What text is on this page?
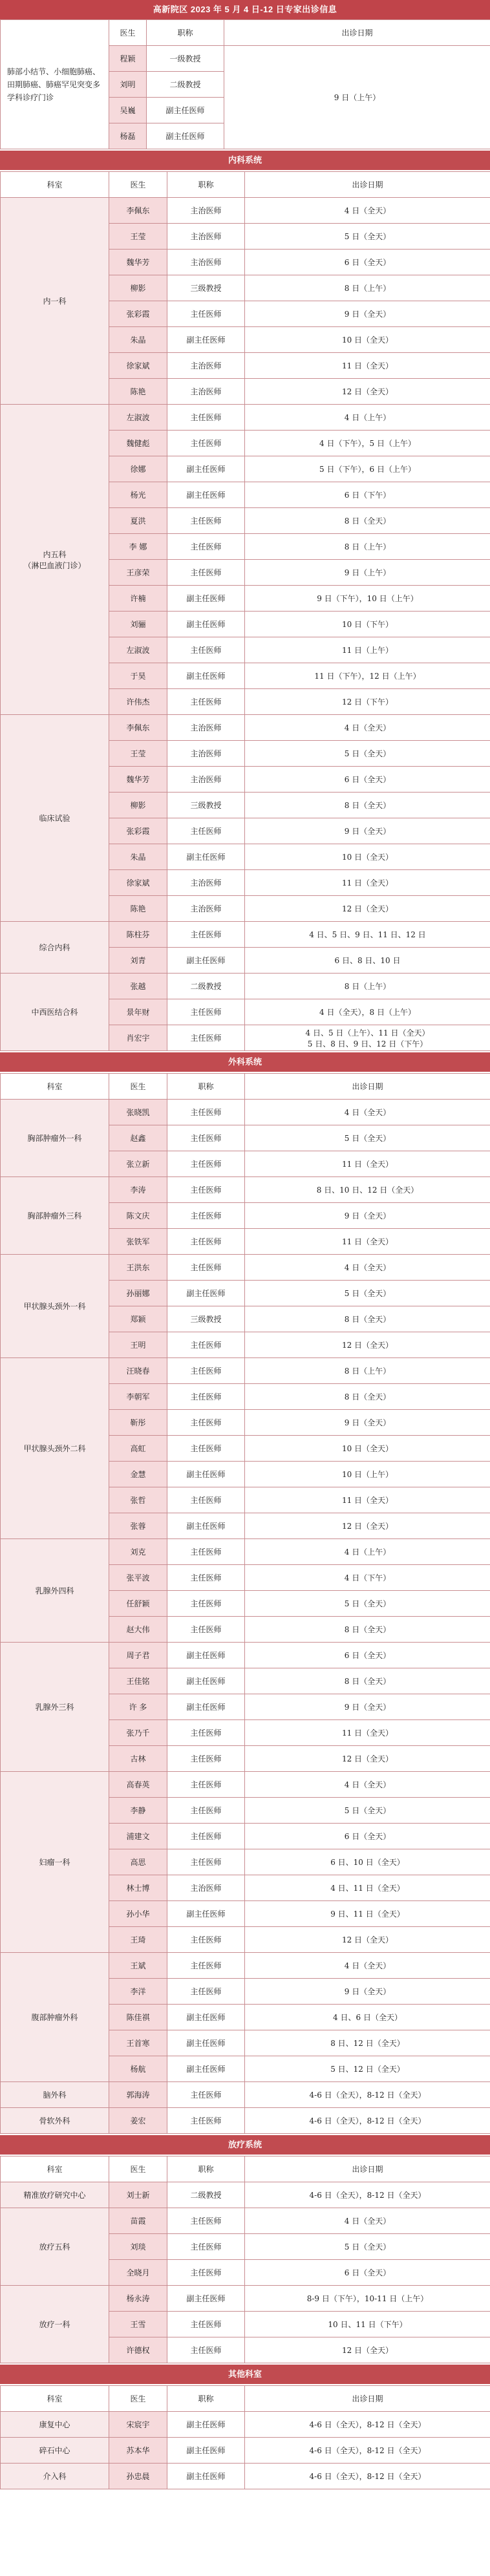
高新院区 2023 年 5 月 4 日-12 日专家出诊信息
肺部小结节、小细胞肺癌、田期肺癌、肺癌罕见突变多学科诊疗门诊	医生	职称	出诊日期
	程颖	一级教授	9 日（上午）
	刘明	二级教授	
	吴巍	副主任医师	
	杨磊	副主任医师	
内科系统
科室	医生	职称	出诊日期
内一科	李佩东	主治医师	4 日（全天）
	王莹	主治医师	5 日（全天）
	魏华芳	主治医师	6 日（全天）
	柳影	三级教授	8 日（上午）
	张彩霞	主任医师	9 日（全天）
	朱晶	副主任医师	10 日（全天）
	徐家斌	主治医师	11 日（全天）
	陈艳	主治医师	12 日（全天）
内五科
（淋巴血液门诊）	左淑波	主任医师	4 日（上午）
	魏健彪	主任医师	4 日（下午），5 日（上午）
	徐娜	副主任医师	5 日（下午），6 日（上午）
	杨光	副主任医师	6 日（下午）
	夏洪	主任医师	8 日（全天）
	李 娜	主任医师	8 日（上午）
	王彦荣	主任医师	9 日（上午）
	许楠	副主任医师	9 日（下午），10 日（上午）
	刘骊	副主任医师	10 日（下午）
	左淑波	主任医师	11 日（上午）
	于昊	副主任医师	11 日（下午），12 日（上午）
	许伟杰	主任医师	12 日（下午）
临床试验	李佩东	主治医师	4 日（全天）
	王莹	主治医师	5 日（全天）
	魏华芳	主治医师	6 日（全天）
	柳影	三级教授	8 日（全天）
	张彩霞	主任医师	9 日（全天）
	朱晶	副主任医师	10 日（全天）
	徐家斌	主治医师	11 日（全天）
	陈艳	主治医师	12 日（全天）
综合内科	陈柱芬	主任医师	4 日、5 日、9 日、11 日、12 日
	刘青	副主任医师	6 日、8 日、10 日
中西医结合科	张越	二级教授	8 日（上午）
	景年财	主任医师	4 日（全天），8 日（上午）
	肖宏宇	主任医师	4 日、5 日（上午）、11 日（全天）
5 日、8 日、9 日、12 日（下午）
外科系统
科室	医生	职称	出诊日期
胸部肿瘤外一科	张晓凯	主任医师	4 日（全天）
	赵鑫	主任医师	5 日（全天）
	张立新	主任医师	11 日（全天）
胸部肿瘤外三科	李涛	主任医师	8 日、10 日、12 日（全天）
	陈文庆	主任医师	9 日（全天）
	张铁军	主任医师	11 日（全天）
甲状腺头颈外一科	王洪东	主任医师	4 日（全天）
	孙丽娜	副主任医师	5 日（全天）
	郑颖	三级教授	8 日（全天）
	王明	主任医师	12 日（全天）
甲状腺头颈外二科	汪晓春	主任医师	8 日（上午）
	李朝军	主任医师	8 日（全天）
	靳彤	主任医师	9 日（全天）
	高虹	主任医师	10 日（全天）
	金慧	副主任医师	10 日（上午）
	张哲	主任医师	11 日（全天）
	张蓉	副主任医师	12 日（全天）
乳腺外四科	刘克	主任医师	4 日（上午）
	张平波	主任医师	4 日（下午）
	任舒颖	主任医师	5 日（全天）
	赵大伟	主任医师	8 日（全天）
乳腺外三科	周子君	副主任医师	6 日（全天）
	王佳铭	副主任医师	8 日（全天）
	许 多	副主任医师	9 日（全天）
	张乃千	主任医师	11 日（全天）
	古林	主任医师	12 日（全天）
妇瘤一科	高春英	主任医师	4 日（全天）
	李静	主任医师	5 日（全天）
	浦建文	主任医师	6 日（全天）
	高思	主任医师	6 日、10 日（全天）
	林士博	主治医师	4 日、11 日（全天）
	孙小华	副主任医师	9 日、11 日（全天）
	王琦	主任医师	12 日（全天）
腹部肿瘤外科	王斌	主任医师	4 日（全天）
	李洋	主任医师	9 日（全天）
	陈佳祺	副主任医师	4 日、6 日（全天）
	王首寒	副主任医师	8 日、12 日（全天）
	杨航	副主任医师	5 日、12 日（全天）
脑外科	郭海涛	主任医师	4-6 日（全天），8-12 日（全天）
骨软外科	姜宏	主任医师	4-6 日（全天），8-12 日（全天）
放疗系统
科室	医生	职称	出诊日期
精准放疗研究中心	刘士新	二级教授	4-6 日（全天），8-12 日（全天）
放疗五科	苗霞	主任医师	4 日（全天）
	刘琰	主任医师	5 日（全天）
	全晓月	主任医师	6 日（全天）
放疗一科	杨永涛	副主任医师	8-9 日（下午），10-11 日（上午）
	王雪	主任医师	10 日、11 日（下午）
	许德权	主任医师	12 日（全天）
其他科室
科室	医生	职称	出诊日期
康复中心	宋宸宇	副主任医师	4-6 日（全天），8-12 日（全天）
碎石中心	苏本华	副主任医师	4-6 日（全天），8-12 日（全天）
介入科	孙忠晨	副主任医师	4-6 日（全天），8-12 日（全天）
